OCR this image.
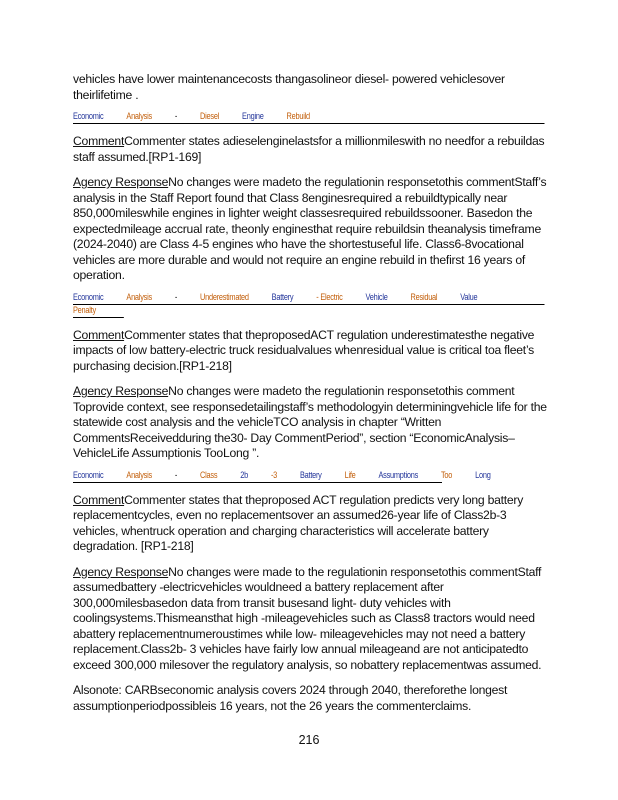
vehicles have lower maintenancecosts thangasolineor diesel- powered vehiclesover theirlifetime .

Economic	Analysis	-	Diesel	Engine	Rebuild

CommentCommenter states adieselenginelastsfor a millionmileswith no needfor a rebuildas staff assumed.[RP1-169]

Agency ResponseNo changes were madeto the regulationin responsetothis commentStaff’s analysis in the Staff Report found that Class 8enginesrequired a rebuildtypically near 850,000mileswhile engines in lighter weight classesrequired rebuildssooner. Basedon the expectedmileage accrual rate, theonly enginesthat require rebuildsin theanalysis timeframe (2024-2040) are Class 4-5 engines who have the shortestuseful life. Class6-8vocational vehicles are more durable and would not require an engine rebuild in thefirst 16 years of operation.

Economic	Analysis	-	Underestimated	Battery	- Electric	Vehicle	Residual	Value
Penalty

CommentCommenter states that theproposedACT regulation underestimatesthe negative impacts of low battery-electric truck residualvalues whenresidual value is critical toa fleet’s purchasing decision.[RP1-218]

Agency ResponseNo changes were madeto the regulationin responsetothis comment Toprovide context, see responsedetailingstaff’s methodologyin determiningvehicle life for the statewide cost analysis and the vehicleTCO analysis in chapter “Written CommentsReceivedduring the30- Day CommentPeriod”, section “EconomicAnalysis– VehicleLife Assumptionis TooLong ”.

Economic	Analysis	-	Class	2b	-3	Battery	Life	Assumptions	Too	Long

CommentCommenter states that theproposed ACT regulation predicts very long battery replacementcycles, even no replacementsover an assumed26-year life of Class2b-3 vehicles, whentruck operation and charging characteristics will accelerate battery degradation. [RP1-218]

Agency ResponseNo changes were made to the regulationin responsetothis commentStaff assumedbattery -electricvehicles wouldneed a battery replacement after 300,000milesbasedon data from transit busesand light- duty vehicles with coolingsystems.Thismeansthat high -mileagevehicles such as Class8 tractors would need abattery replacementnumeroustimes while low- mileagevehicles may not need a battery replacement.Class2b- 3 vehicles have fairly low annual mileageand are not anticipatedto exceed 300,000 milesover the regulatory analysis, so nobattery replacementwas assumed.

Alsonote: CARBseconomic analysis covers 2024 through 2040, thereforethe longest assumptionperiodpossibleis 16 years, not the 26 years the commenterclaims.

216
